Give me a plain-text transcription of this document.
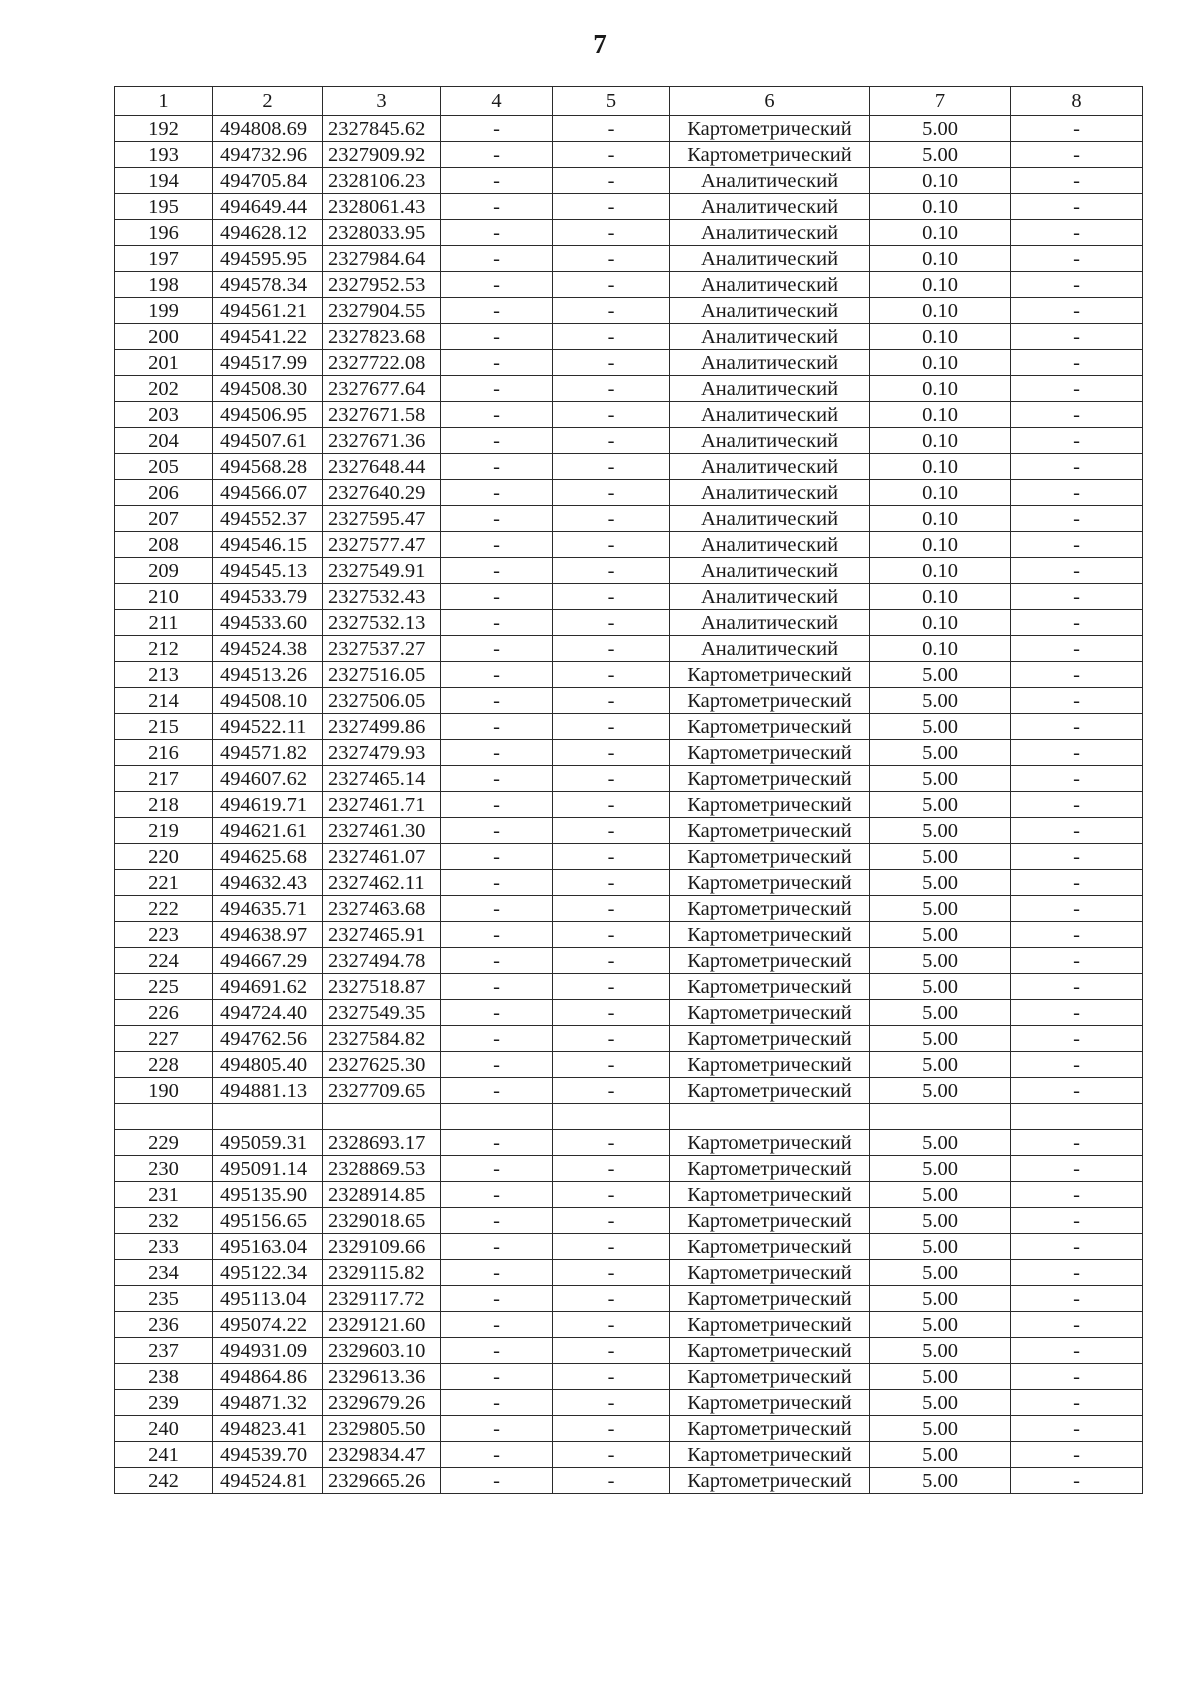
7
1	2	3	4	5	6	7	8
192	494808.69	2327845.62	-	-	Картометрический	5.00	-
193	494732.96	2327909.92	-	-	Картометрический	5.00	-
194	494705.84	2328106.23	-	-	Аналитический	0.10	-
195	494649.44	2328061.43	-	-	Аналитический	0.10	-
196	494628.12	2328033.95	-	-	Аналитический	0.10	-
197	494595.95	2327984.64	-	-	Аналитический	0.10	-
198	494578.34	2327952.53	-	-	Аналитический	0.10	-
199	494561.21	2327904.55	-	-	Аналитический	0.10	-
200	494541.22	2327823.68	-	-	Аналитический	0.10	-
201	494517.99	2327722.08	-	-	Аналитический	0.10	-
202	494508.30	2327677.64	-	-	Аналитический	0.10	-
203	494506.95	2327671.58	-	-	Аналитический	0.10	-
204	494507.61	2327671.36	-	-	Аналитический	0.10	-
205	494568.28	2327648.44	-	-	Аналитический	0.10	-
206	494566.07	2327640.29	-	-	Аналитический	0.10	-
207	494552.37	2327595.47	-	-	Аналитический	0.10	-
208	494546.15	2327577.47	-	-	Аналитический	0.10	-
209	494545.13	2327549.91	-	-	Аналитический	0.10	-
210	494533.79	2327532.43	-	-	Аналитический	0.10	-
211	494533.60	2327532.13	-	-	Аналитический	0.10	-
212	494524.38	2327537.27	-	-	Аналитический	0.10	-
213	494513.26	2327516.05	-	-	Картометрический	5.00	-
214	494508.10	2327506.05	-	-	Картометрический	5.00	-
215	494522.11	2327499.86	-	-	Картометрический	5.00	-
216	494571.82	2327479.93	-	-	Картометрический	5.00	-
217	494607.62	2327465.14	-	-	Картометрический	5.00	-
218	494619.71	2327461.71	-	-	Картометрический	5.00	-
219	494621.61	2327461.30	-	-	Картометрический	5.00	-
220	494625.68	2327461.07	-	-	Картометрический	5.00	-
221	494632.43	2327462.11	-	-	Картометрический	5.00	-
222	494635.71	2327463.68	-	-	Картометрический	5.00	-
223	494638.97	2327465.91	-	-	Картометрический	5.00	-
224	494667.29	2327494.78	-	-	Картометрический	5.00	-
225	494691.62	2327518.87	-	-	Картометрический	5.00	-
226	494724.40	2327549.35	-	-	Картометрический	5.00	-
227	494762.56	2327584.82	-	-	Картометрический	5.00	-
228	494805.40	2327625.30	-	-	Картометрический	5.00	-
190	494881.13	2327709.65	-	-	Картометрический	5.00	-

229	495059.31	2328693.17	-	-	Картометрический	5.00	-
230	495091.14	2328869.53	-	-	Картометрический	5.00	-
231	495135.90	2328914.85	-	-	Картометрический	5.00	-
232	495156.65	2329018.65	-	-	Картометрический	5.00	-
233	495163.04	2329109.66	-	-	Картометрический	5.00	-
234	495122.34	2329115.82	-	-	Картометрический	5.00	-
235	495113.04	2329117.72	-	-	Картометрический	5.00	-
236	495074.22	2329121.60	-	-	Картометрический	5.00	-
237	494931.09	2329603.10	-	-	Картометрический	5.00	-
238	494864.86	2329613.36	-	-	Картометрический	5.00	-
239	494871.32	2329679.26	-	-	Картометрический	5.00	-
240	494823.41	2329805.50	-	-	Картометрический	5.00	-
241	494539.70	2329834.47	-	-	Картометрический	5.00	-
242	494524.81	2329665.26	-	-	Картометрический	5.00	-
